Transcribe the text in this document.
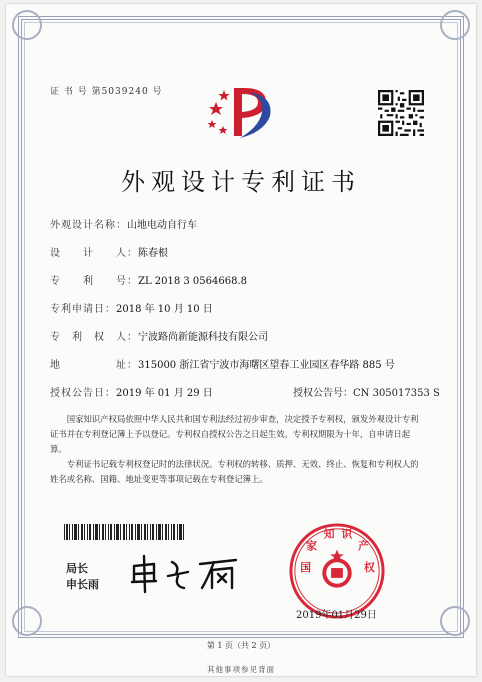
证 书 号 第5039240 号
外观设计专利证书
外观设计名称：山地电动自行车
设　　计　　人：陈春根
专　　利　　号：ZL 2018 3 0564668.8
专利申请日：2018 年 10 月 10 日
专　利　权　人：宁波路尚新能源科技有限公司
地　　　　　址：315000 浙江省宁波市海曙区望春工业园区春华路 885 号
授权公告日：2019 年 01 月 29 日	授权公告号：CN 305017353 S
国家知识产权局依照中华人民共和国专利法经过初步审查，决定授予专利权，颁发外观设计专利证书并在专利登记簿上予以登记。专利权自授权公告之日起生效。专利权期限为十年，自申请日起算。
专利证书记载专利权登记时的法律状况。专利权的转移、质押、无效、终止、恢复和专利权人的姓名或名称、国籍、地址变更等事项记载在专利登记簿上。
局长
申长雨
国
家
知 识
产
权
2019年01月29日
第 1 页（共 2 页）
其他事项参见背面
